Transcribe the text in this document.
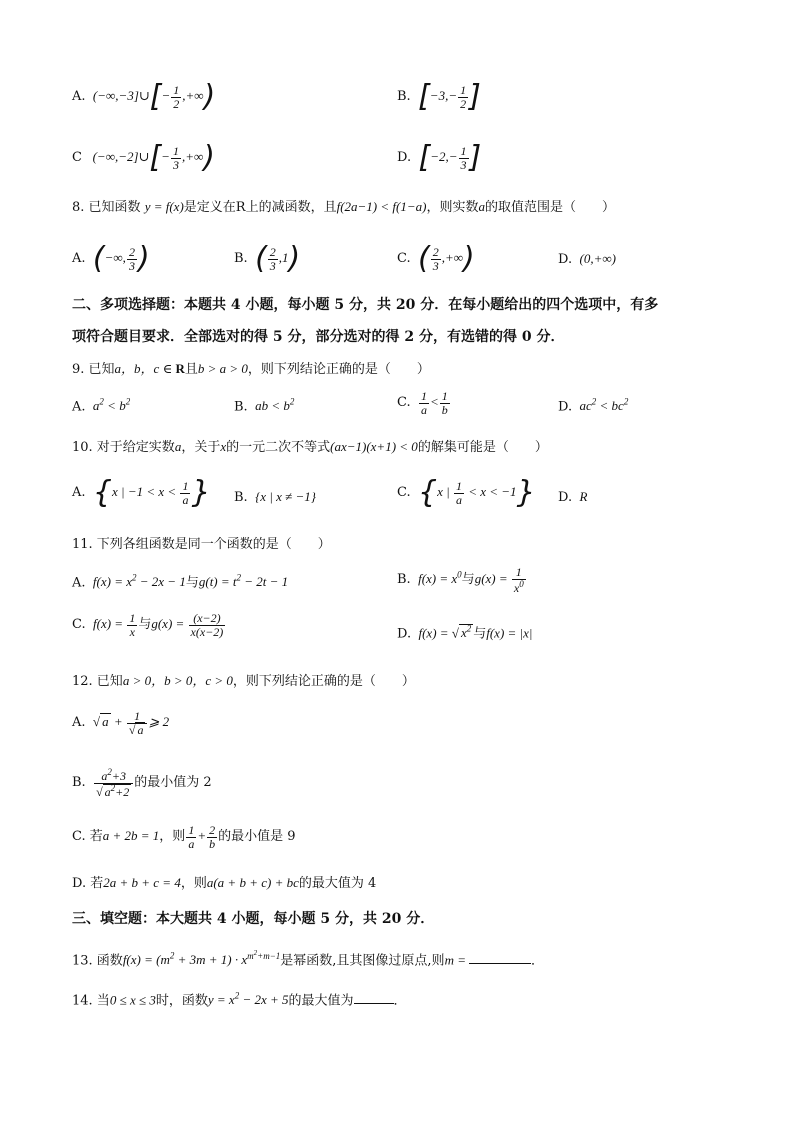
A.  (−∞,−3]∪[− $\frac{1}{2}$ ,+∞)	B. [$-3,- \frac{1}{2}$ ]
C   (−∞,−2]∪[− $\frac{1}{3}$ ,+∞)	D. [$-2,- \frac{1}{3}$ ]
8. 已知函数 y = f(x)是定义在R上的减函数，且f(2a−1) < f(1−a)，则实数a的取值范围是（　　）
A. (−∞, $\frac{2}{3}$ )	B. ( $\frac{2}{3} ,1$)	C. ( $\frac{2}{3}$ ,+∞)	D.  (0,+∞)
二、多项选择题：本题共 4 小题，每小题 5 分，共 20 分．在每小题给出的四个选项中，有多
项符合题目要求．全部选对的得 5 分，部分选对的得 2 分，有选错的得 0 分．
9. 已知a，b，c ∈ R且b > a > 0，则下列结论正确的是（　　）
A.  $a^2 < b^2$	B.  ab < $b^2$	C. $\frac{1}{a} < \frac{1}{b}$	D.  $ac^2 < bc^2$
10. 对于给定实数a，关于x的一元二次不等式(ax−1)(x+1) < 0的解集可能是（　　）
A. {x | $-1 < x < \frac{1}{a}$ } B.  {x | x ≠ −1}	C. {x | $\frac{1}{a} < x < -1$} D.  R
11. 下列各组函数是同一个函数的是（　　）
A.  $f(x) = x^2 - 2x - 1$与$g(t) = t^2 - 2t - 1$	B.  $f(x) = x^0$与$g(x) = \frac{1}{x^0}$
C.  $f(x) = \frac{1}{x}$ 与$g(x) = \frac{(x-2)}{x(x-2)}$	D.  f(x) = √ $x^2$ 与f(x) = |x|
12. 已知a > 0，b > 0，c > 0，则下列结论正确的是（　　）
A.  √ $a + \frac{1}{√ a}$ ⩾ 2
B. $\frac{a^2+3}{√ a^2+2}$ 的最小值为 2
C. 若a + 2b = 1，则 $\frac{1}{a} + \frac{2}{b}$ 的最小值是 9
D. 若2a + b + c = 4，则a(a + b + c) + bc的最大值为 4
三、填空题：本大题共 4 小题，每小题 5 分，共 20 分．
13. 函数$f(x) = (m^2 + 3m + 1) \cdot x^{m^2+m-1}$是幂函数,且其图像过原点,则m =	．
14. 当0 ≤ x ≤ 3时，函数$y = x^2 - 2x + 5$的最大值为	．
